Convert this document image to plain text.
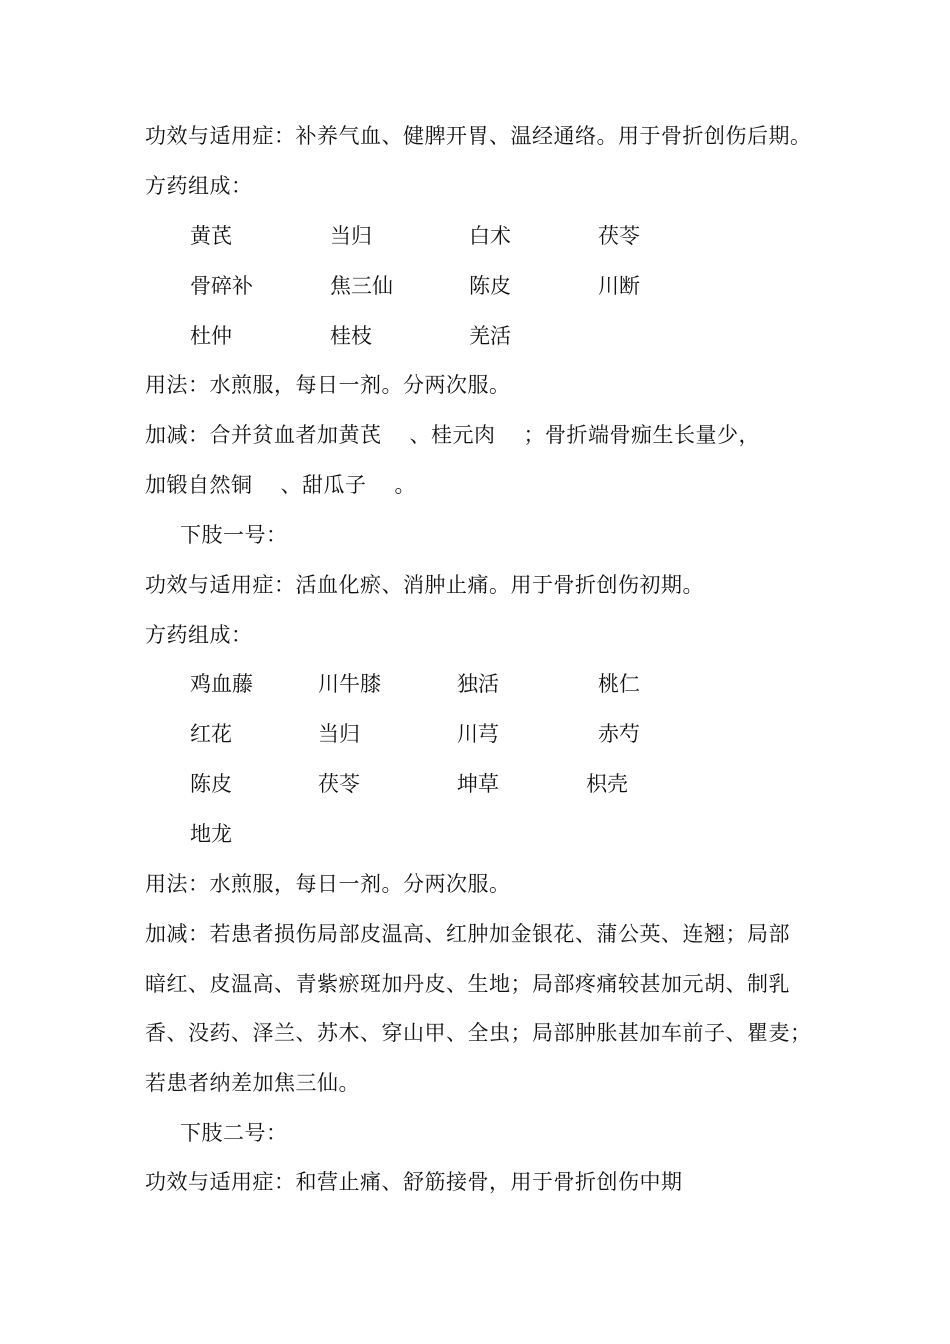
功效与适用症：补养气血、健脾开胃、温经通络。用于骨折创伤后期。
方药组成：
黄芪	当归	白术	茯苓
骨碎补	焦三仙	陈皮	川断
杜仲	桂枝	羌活
用法：水煎服，每日一剂。分两次服。
加减：合并贫血者加黄芪 、桂元肉 ；骨折端骨痂生长量少，
加锻自然铜 、甜瓜子 。
下肢一号：
功效与适用症：活血化瘀、消肿止痛。用于骨折创伤初期。
方药组成：
鸡血藤	川牛膝	独活	桃仁
红花	当归	川芎	赤芍
陈皮	茯苓	坤草	枳壳
地龙
用法：水煎服，每日一剂。分两次服。
加减：若患者损伤局部皮温高、红肿加金银花、蒲公英、连翘；局部
暗红、皮温高、青紫瘀斑加丹皮、生地；局部疼痛较甚加元胡、制乳
香、没药、泽兰、苏木、穿山甲、全虫；局部肿胀甚加车前子、瞿麦；
若患者纳差加焦三仙。
下肢二号：
功效与适用症：和营止痛、舒筋接骨，用于骨折创伤中期
